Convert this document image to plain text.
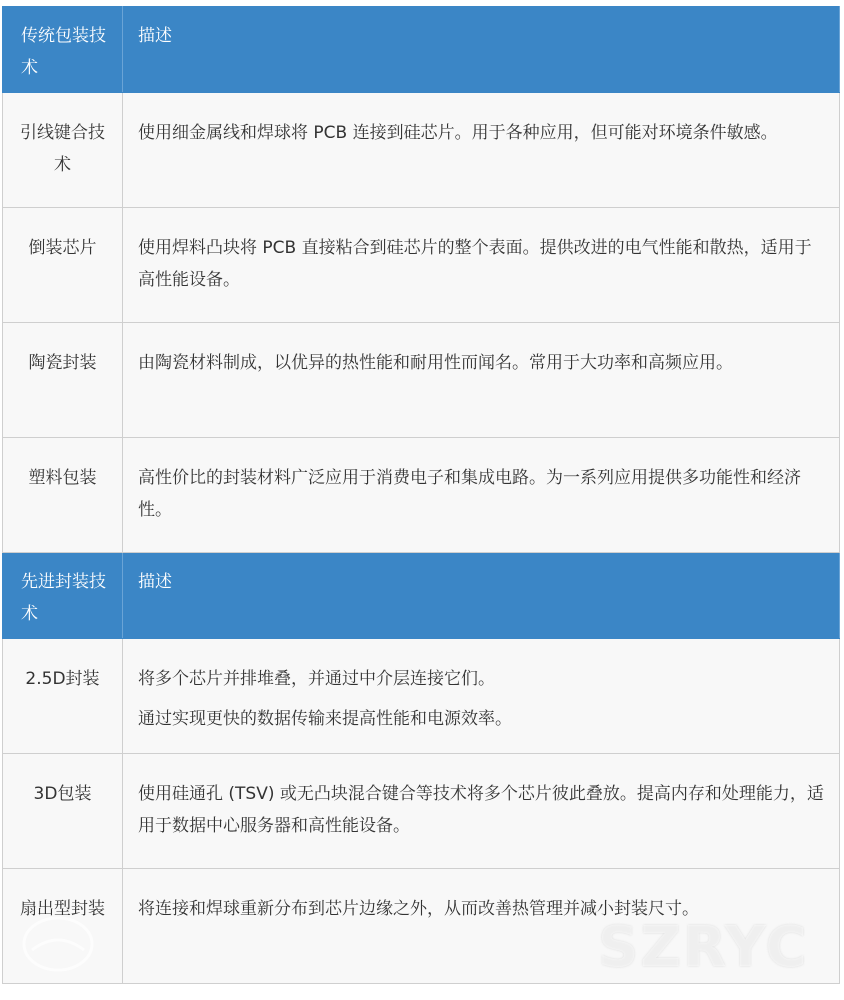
传统包装技术	描述
引线键合技术	使用细金属线和焊球将 PCB 连接到硅芯片。用于各种应用，但可能对环境条件敏感。
倒装芯片	使用焊料凸块将 PCB 直接粘合到硅芯片的整个表面。提供改进的电气性能和散热，适用于高性能设备。
陶瓷封装	由陶瓷材料制成，以优异的热性能和耐用性而闻名。常用于大功率和高频应用。
塑料包装	高性价比的封装材料广泛应用于消费电子和集成电路。为一系列应用提供多功能性和经济性。
先进封装技术	描述
2.5D封装	将多个芯片并排堆叠，并通过中介层连接它们。

通过实现更快的数据传输来提高性能和电源效率。

3D包装	使用硅通孔 (TSV) 或无凸块混合键合等技术将多个芯片彼此叠放。提高内存和处理能力，适用于数据中心服务器和高性能设备。
扇出型封装	将连接和焊球重新分布到芯片边缘之外，从而改善热管理并减小封装尺寸。
SZRYC
